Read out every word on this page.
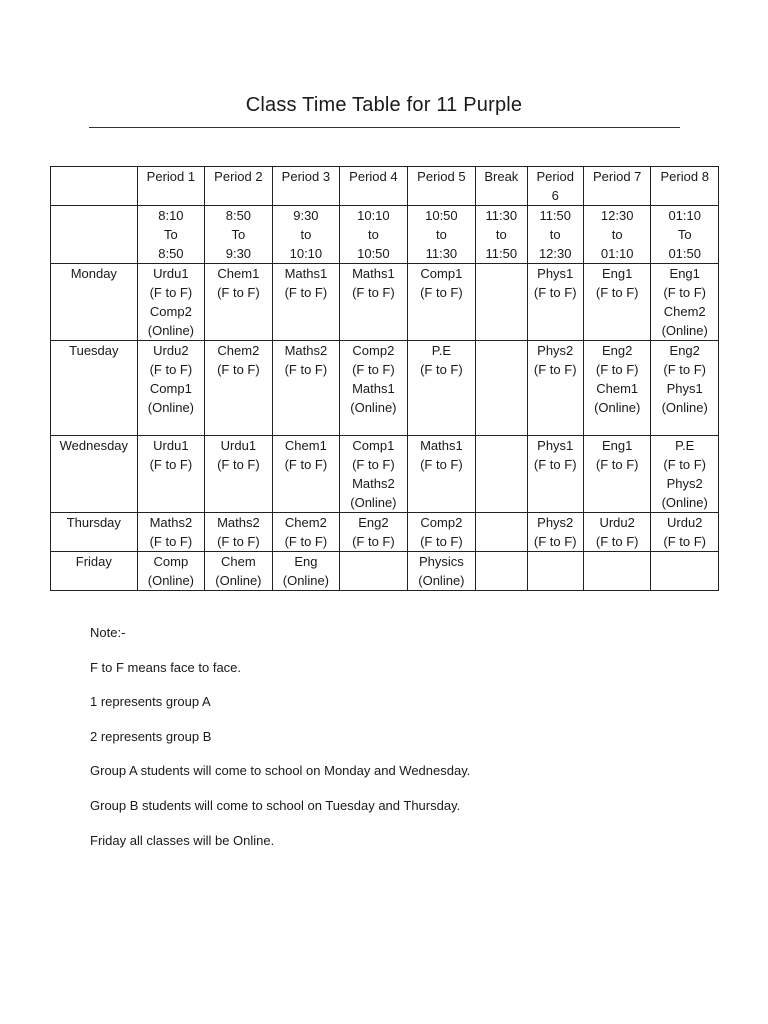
Class Time Table for 11 Purple
	Period 1	Period 2	Period 3	Period 4	Period 5	Break	Period
6	Period 7	Period 8
	8:10
To
8:50	8:50
To
9:30	9:30
to
10:10	10:10
to
10:50	10:50
to
11:30	11:30
to
11:50	11:50
to
12:30	12:30
to
01:10	01:10
To
01:50
Monday	Urdu1
(F to F)
Comp2
(Online)	Chem1
(F to F)	Maths1
(F to F)	Maths1
(F to F)	Comp1
(F to F)		Phys1
(F to F)	Eng1
(F to F)	Eng1
(F to F)
Chem2
(Online)
Tuesday	Urdu2
(F to F)
Comp1
(Online)	Chem2
(F to F)	Maths2
(F to F)	Comp2
(F to F)
Maths1
(Online)	P.E
(F to F)		Phys2
(F to F)	Eng2
(F to F)
Chem1
(Online)	Eng2
(F to F)
Phys1
(Online)
Wednesday	Urdu1
(F to F)	Urdu1
(F to F)	Chem1
(F to F)	Comp1
(F to F)
Maths2
(Online)	Maths1
(F to F)		Phys1
(F to F)	Eng1
(F to F)	P.E
(F to F)
Phys2
(Online)
Thursday	Maths2
(F to F)	Maths2
(F to F)	Chem2
(F to F)	Eng2
(F to F)	Comp2
(F to F)		Phys2
(F to F)	Urdu2
(F to F)	Urdu2
(F to F)
Friday	Comp
(Online)	Chem
(Online)	Eng
(Online)		Physics
(Online)				

Note:-

F to F means face to face.

1 represents group A

2 represents group B

Group A students will come to school on Monday and Wednesday.

Group B students will come to school on Tuesday and Thursday.

Friday all classes will be Online.
